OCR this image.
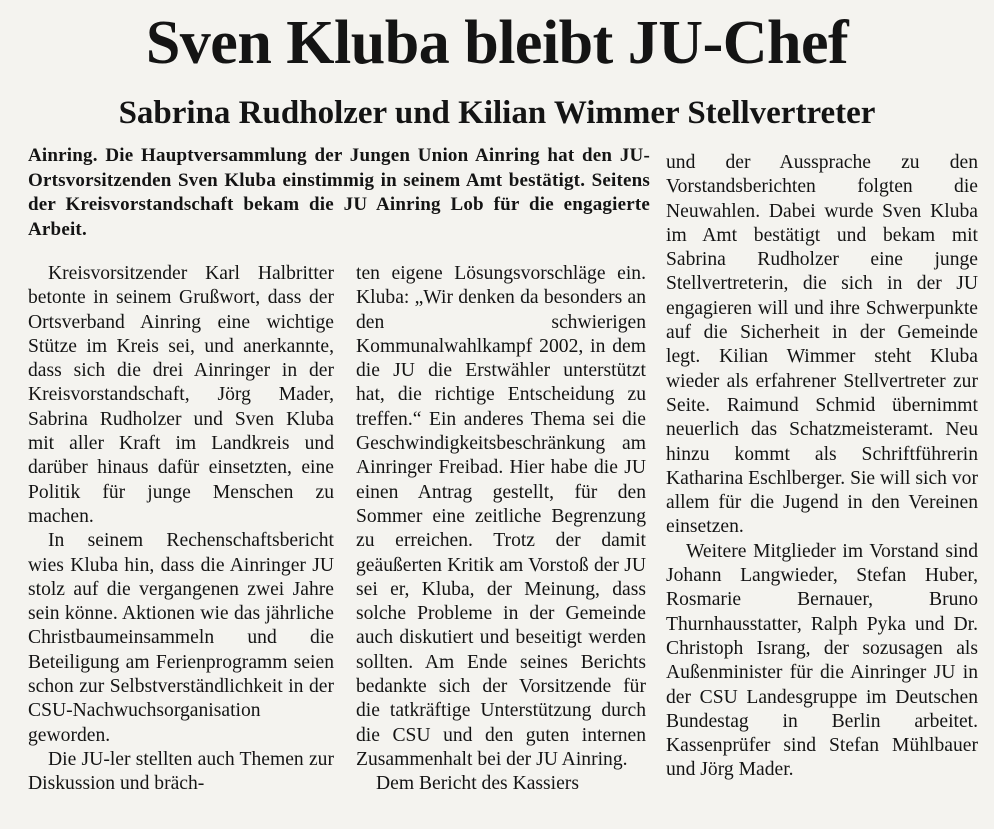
Sven Kluba bleibt JU-Chef
Sabrina Rudholzer und Kilian Wimmer Stellvertreter

Ainring. Die Hauptversammlung der Jungen Union Ainring hat den JU-Ortsvorsitzenden Sven Kluba einstimmig in seinem Amt bestätigt. Seitens der Kreisvorstandschaft bekam die JU Ainring Lob für die engagierte Arbeit.

Kreisvorsitzender Karl Halbritter betonte in seinem Grußwort, dass der Ortsverband Ainring eine wichtige Stütze im Kreis sei, und anerkannte, dass sich die drei Ainringer in der Kreisvorstandschaft, Jörg Mader, Sabrina Rudholzer und Sven Kluba mit aller Kraft im Landkreis und darüber hinaus dafür einsetzten, eine Politik für junge Menschen zu machen.

In seinem Rechenschaftsbericht wies Kluba hin, dass die Ainringer JU stolz auf die vergangenen zwei Jahre sein könne. Aktionen wie das jährliche Christbaumeinsammeln und die Beteiligung am Ferienprogramm seien schon zur Selbstverständlichkeit in der CSU-Nachwuchsorganisation geworden.

Die JU-ler stellten auch Themen zur Diskussion und bräch-

ten eigene Lösungsvorschläge ein. Kluba: „Wir denken da besonders an den schwierigen Kommunalwahlkampf 2002, in dem die JU die Erstwähler unterstützt hat, die richtige Entscheidung zu treffen.“ Ein anderes Thema sei die Geschwindigkeitsbeschränkung am Ainringer Freibad. Hier habe die JU einen Antrag gestellt, für den Sommer eine zeitliche Begrenzung zu erreichen. Trotz der damit geäußerten Kritik am Vorstoß der JU sei er, Kluba, der Meinung, dass solche Probleme in der Gemeinde auch diskutiert und beseitigt werden sollten. Am Ende seines Berichts bedankte sich der Vorsitzende für die tatkräftige Unterstützung durch die CSU und den guten internen Zusammenhalt bei der JU Ainring.

Dem Bericht des Kassiers

und der Aussprache zu den Vorstandsberichten folgten die Neuwahlen. Dabei wurde Sven Kluba im Amt bestätigt und bekam mit Sabrina Rudholzer eine junge Stellvertreterin, die sich in der JU engagieren will und ihre Schwerpunkte auf die Sicherheit in der Gemeinde legt. Kilian Wimmer steht Kluba wieder als erfahrener Stellvertreter zur Seite. Raimund Schmid übernimmt neuerlich das Schatzmeisteramt. Neu hinzu kommt als Schriftführerin Katharina Eschlberger. Sie will sich vor allem für die Jugend in den Vereinen einsetzen.

Weitere Mitglieder im Vorstand sind Johann Langwieder, Stefan Huber, Rosmarie Bernauer, Bruno Thurnhausstatter, Ralph Pyka und Dr. Christoph Israng, der sozusagen als Außenminister für die Ainringer JU in der CSU Landesgruppe im Deutschen Bundestag in Berlin arbeitet. Kassenprüfer sind Stefan Mühlbauer und Jörg Mader.
